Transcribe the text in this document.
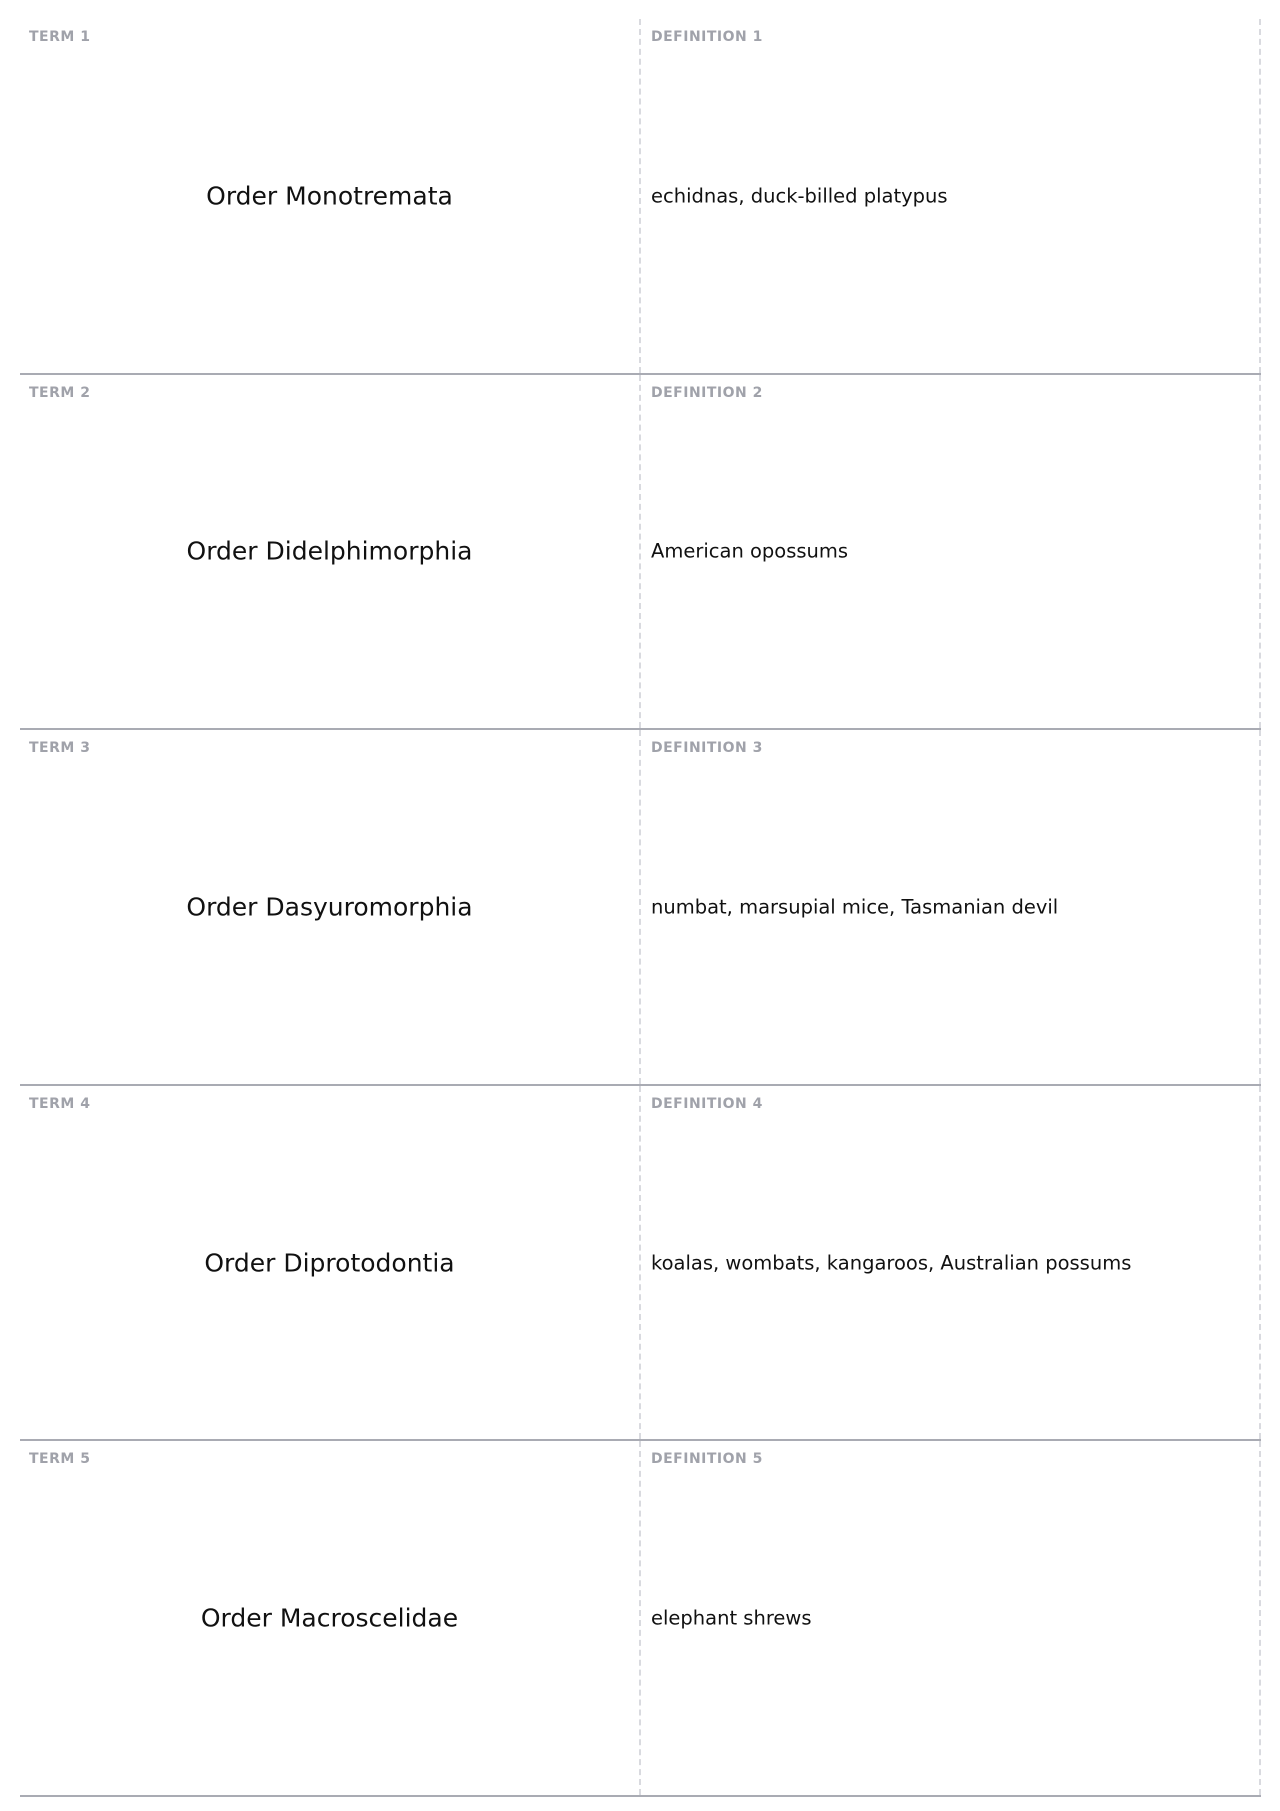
TERM 1
Order Monotremata
DEFINITION 1
echidnas, duck-billed platypus
TERM 2
Order Didelphimorphia
DEFINITION 2
American opossums
TERM 3
Order Dasyuromorphia
DEFINITION 3
numbat, marsupial mice, Tasmanian devil
TERM 4
Order Diprotodontia
DEFINITION 4
koalas, wombats, kangaroos, Australian possums
TERM 5
Order Macroscelidae
DEFINITION 5
elephant shrews
